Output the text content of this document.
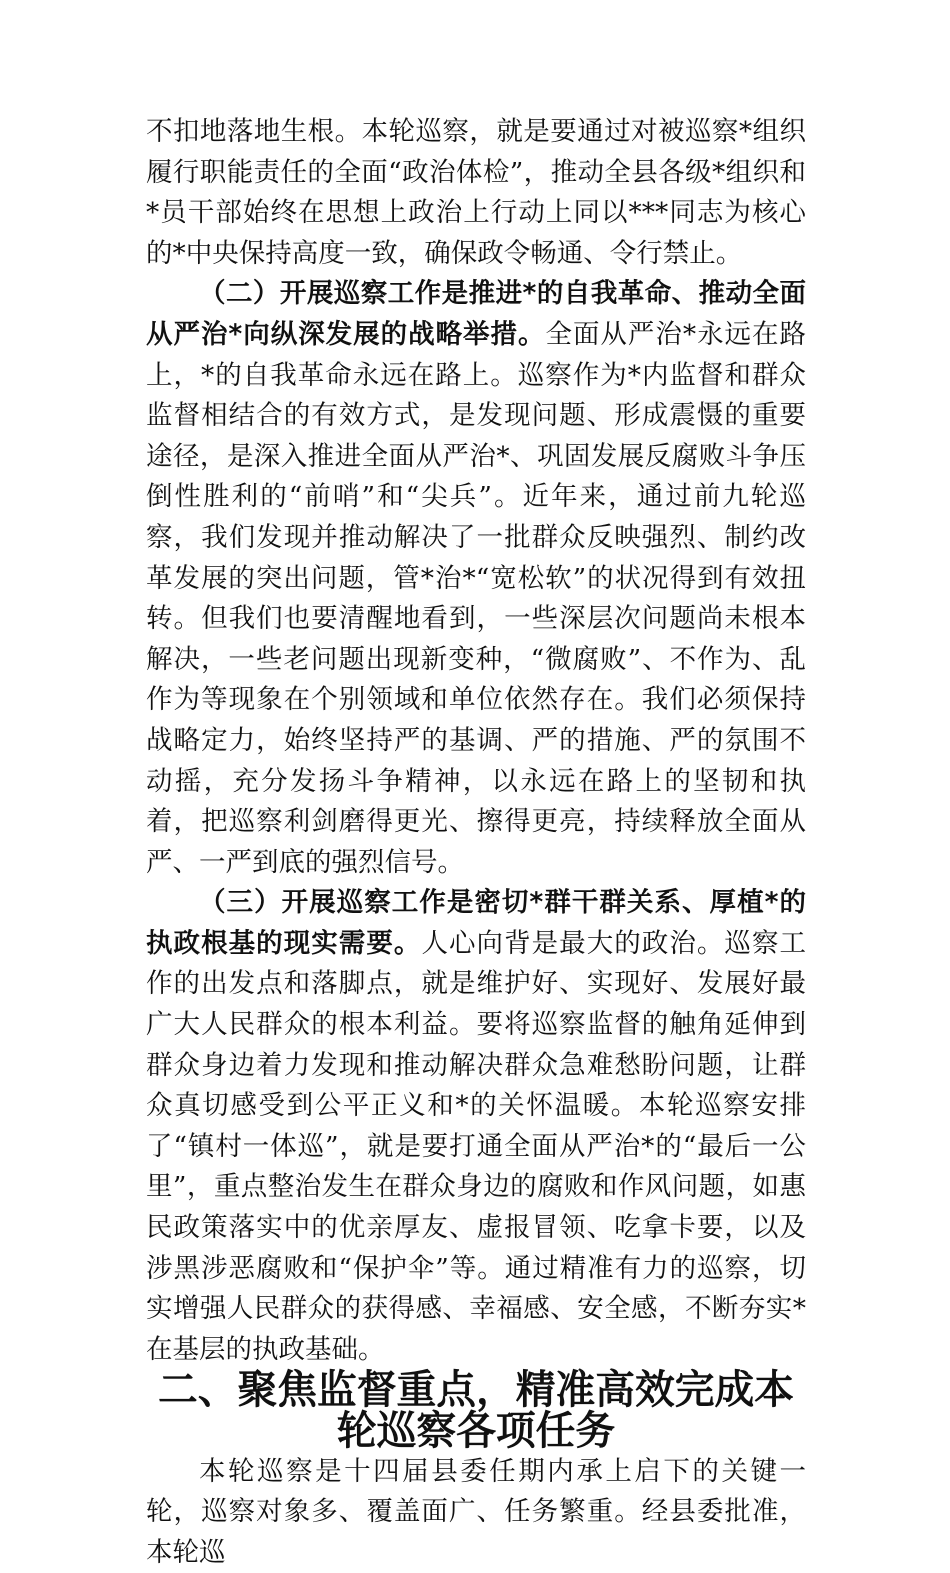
不扣地落地生根。本轮巡察，就是要通过对被巡察*组织履行职能责任的全面“政治体检”，推动全县各级*组织和*员干部始终在思想上政治上行动上同以***同志为核心的*中央保持高度一致，确保政令畅通、令行禁止。

（二）开展巡察工作是推进*的自我革命、推动全面从严治*向纵深发展的战略举措。全面从严治*永远在路上，*的自我革命永远在路上。巡察作为*内监督和群众监督相结合的有效方式，是发现问题、形成震慑的重要途径，是深入推进全面从严治*、巩固发展反腐败斗争压倒性胜利的“前哨”和“尖兵”。近年来，通过前九轮巡察，我们发现并推动解决了一批群众反映强烈、制约改革发展的突出问题，管*治*“宽松软”的状况得到有效扭转。但我们也要清醒地看到，一些深层次问题尚未根本解决，一些老问题出现新变种，“微腐败”、不作为、乱作为等现象在个别领域和单位依然存在。我们必须保持战略定力，始终坚持严的基调、严的措施、严的氛围不动摇，充分发扬斗争精神，以永远在路上的坚韧和执着，把巡察利剑磨得更光、擦得更亮，持续释放全面从严、一严到底的强烈信号。

（三）开展巡察工作是密切*群干群关系、厚植*的执政根基的现实需要。人心向背是最大的政治。巡察工作的出发点和落脚点，就是维护好、实现好、发展好最广大人民群众的根本利益。要将巡察监督的触角延伸到群众身边着力发现和推动解决群众急难愁盼问题，让群众真切感受到公平正义和*的关怀温暖。本轮巡察安排了“镇村一体巡”，就是要打通全面从严治*的“最后一公里”，重点整治发生在群众身边的腐败和作风问题，如惠民政策落实中的优亲厚友、虚报冒领、吃拿卡要，以及涉黑涉恶腐败和“保护伞”等。通过精准有力的巡察，切实增强人民群众的获得感、幸福感、安全感，不断夯实*在基层的执政基础。

二、聚焦监督重点，精准高效完成本轮巡察各项任务

本轮巡察是十四届县委任期内承上启下的关键一轮，巡察对象多、覆盖面广、任务繁重。经县委批准，本轮巡
